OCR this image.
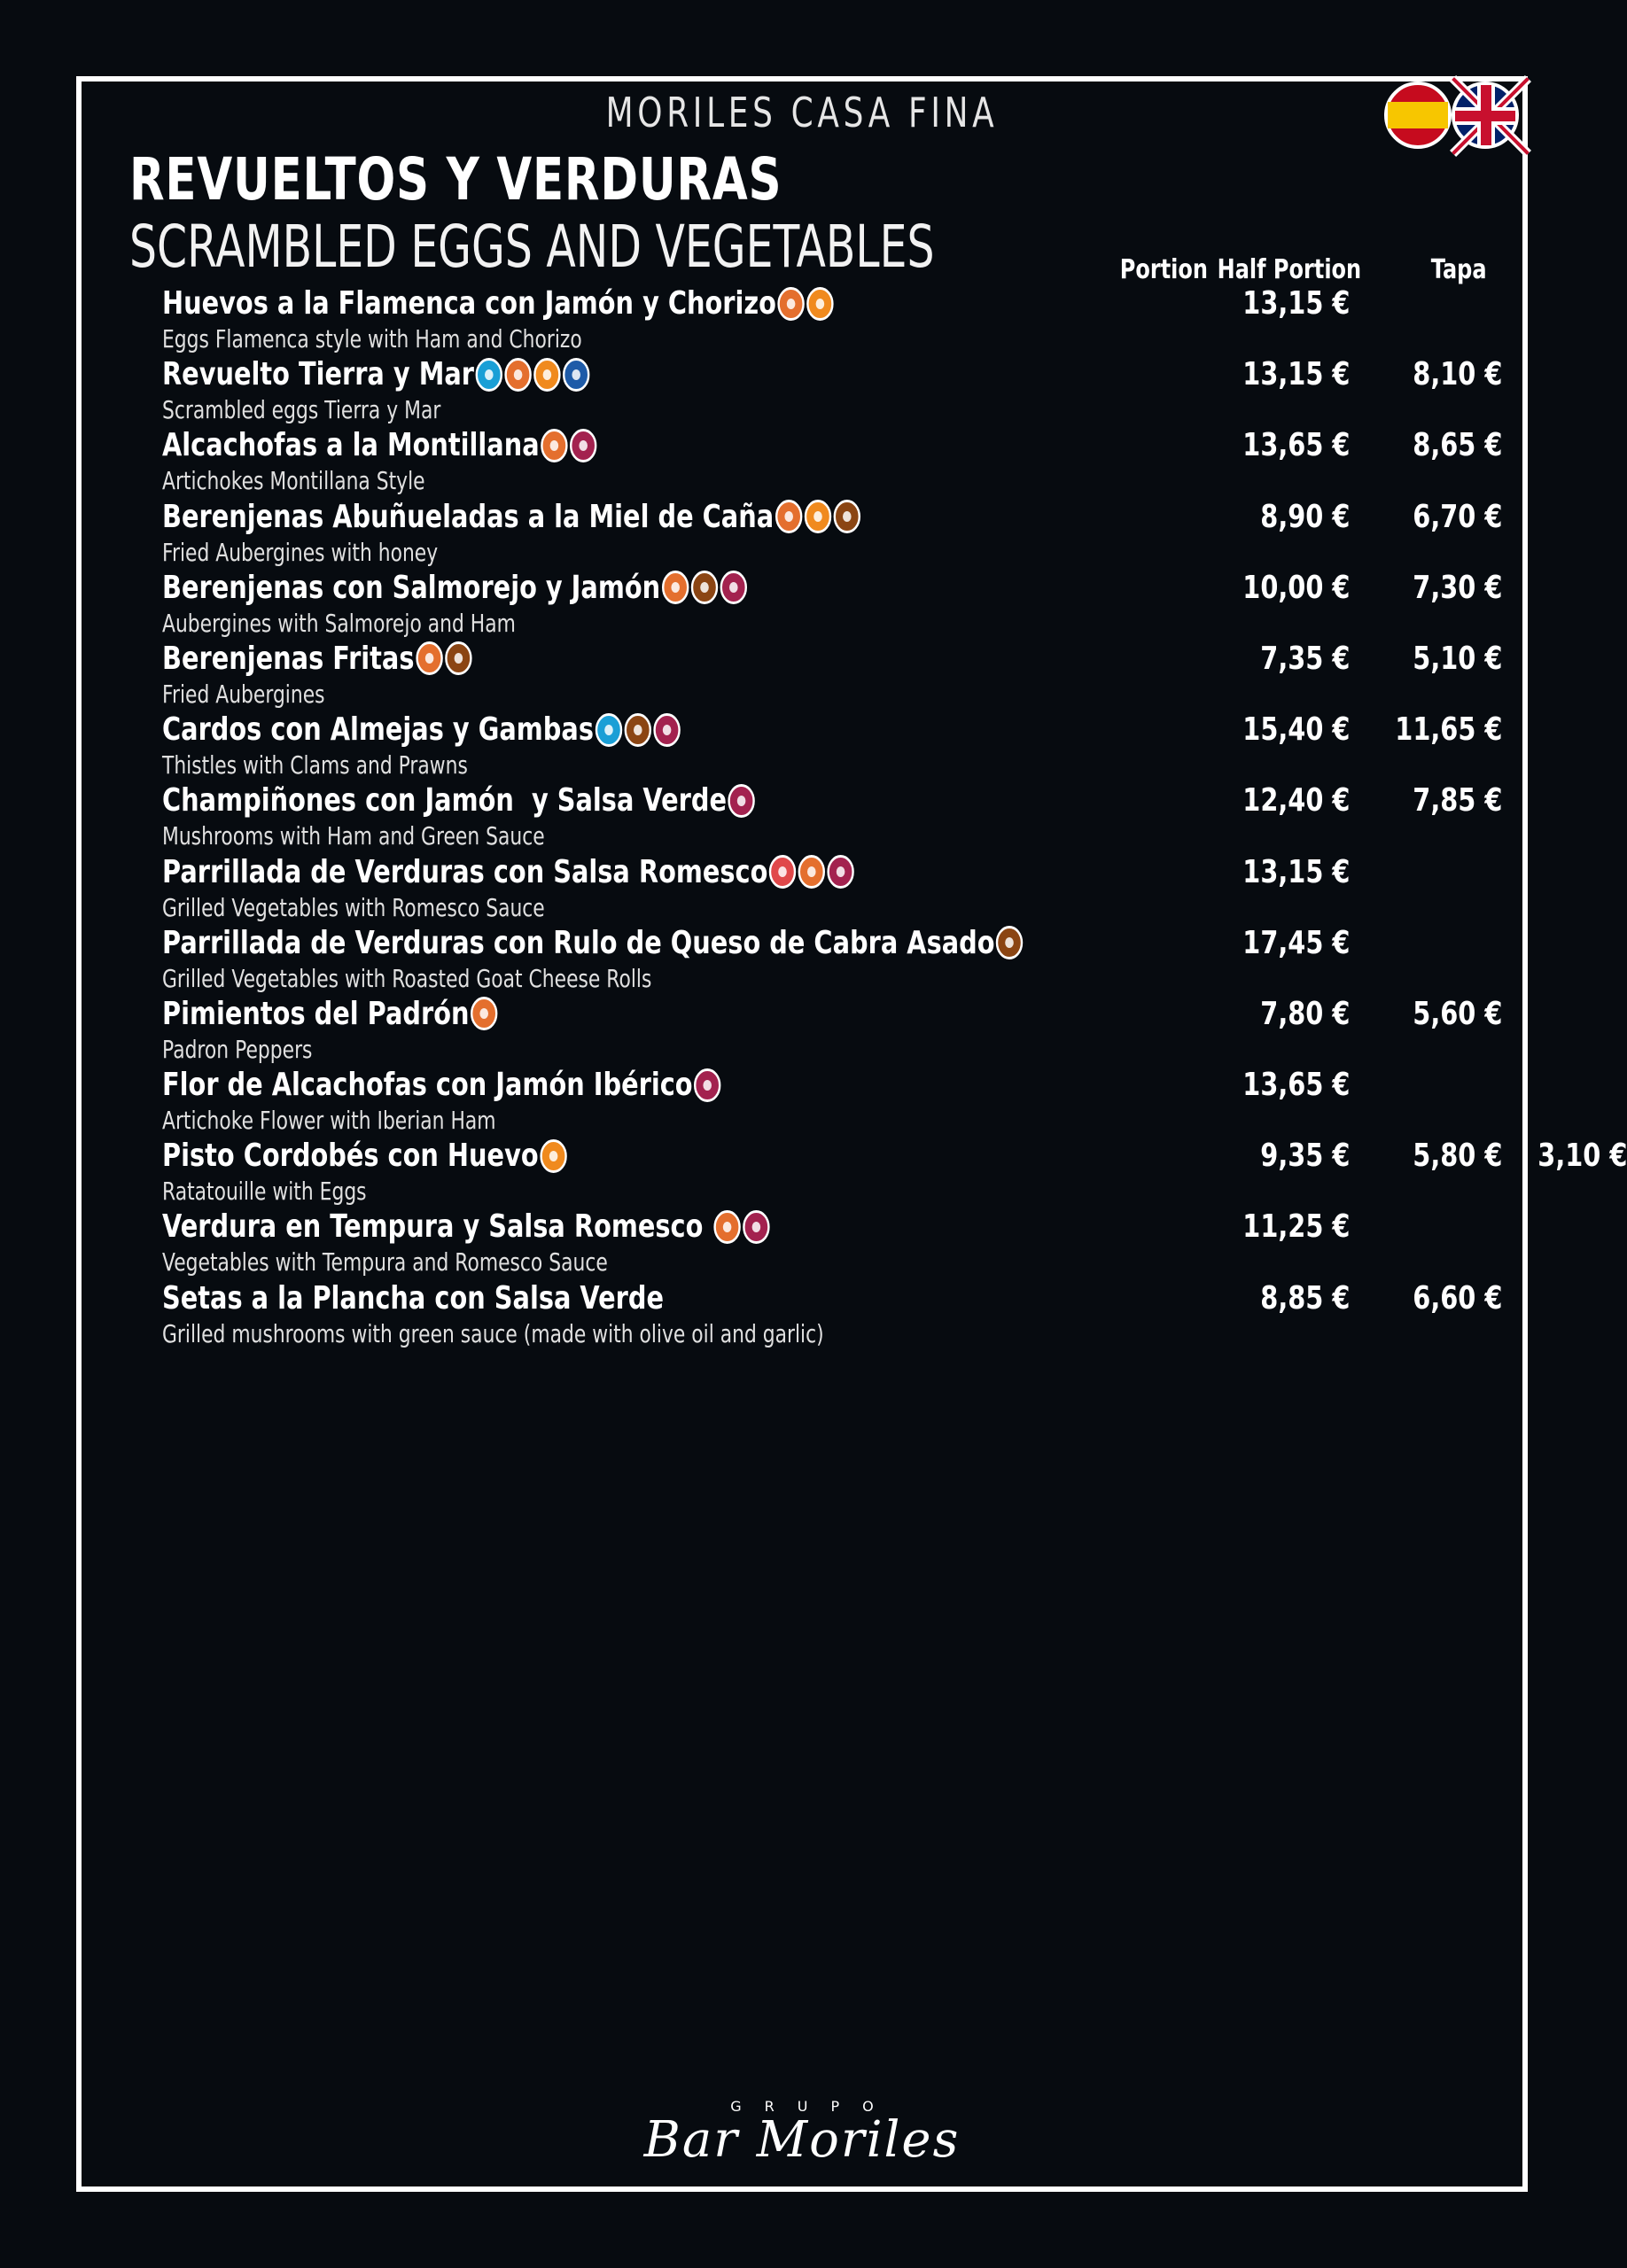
MORILES CASA FINA
REVUELTOS Y VERDURAS
SCRAMBLED EGGS AND VEGETABLES	Portion Half Portion	Tapa
Huevos a la Flamenca con Jamón y Chorizo
Eggs Flamenca style with Ham and Chorizo
13,15 €
Revuelto Tierra y Mar
Scrambled eggs Tierra y Mar
13,15 € 8,10 €
Alcachofas a la Montillana
Artichokes Montillana Style
13,65 € 8,65 €
Berenjenas Abuñueladas a la Miel de Caña
Fried Aubergines with honey
8,90 € 6,70 €
Berenjenas con Salmorejo y Jamón
Aubergines with Salmorejo and Ham
10,00 € 7,30 €
Berenjenas Fritas
Fried Aubergines
7,35 € 5,10 €
Cardos con Almejas y Gambas
Thistles with Clams and Prawns
15,40 € 11,65 €
Champiñones con Jamón  y Salsa Verde
Mushrooms with Ham and Green Sauce
12,40 € 7,85 €
Parrillada de Verduras con Salsa Romesco
Grilled Vegetables with Romesco Sauce
13,15 €
Parrillada de Verduras con Rulo de Queso de Cabra Asado
Grilled Vegetables with Roasted Goat Cheese Rolls
17,45 €
Pimientos del Padrón
Padron Peppers
7,80 € 5,60 €
Flor de Alcachofas con Jamón Ibérico
Artichoke Flower with Iberian Ham
13,65 €
Pisto Cordobés con Huevo
Ratatouille with Eggs
9,35 € 5,80 € 3,10 €
Verdura en Tempura y Salsa Romesco
Vegetables with Tempura and Romesco Sauce
11,25 €
Setas a la Plancha con Salsa Verde
Grilled mushrooms with green sauce (made with olive oil and garlic)
8,85 € 6,60 €
GRUPO
Bar Moriles
